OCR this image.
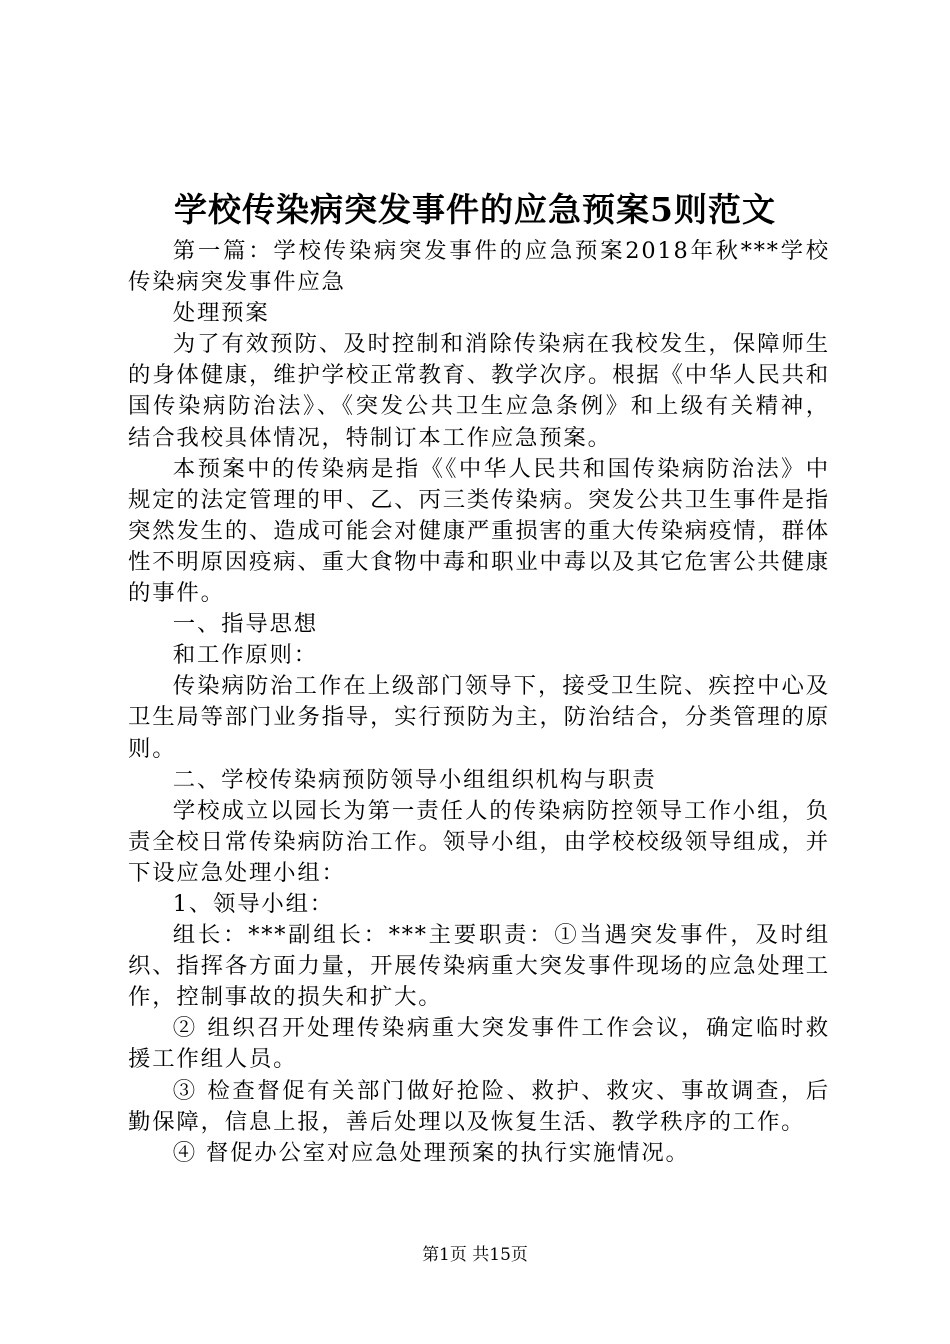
学校传染病突发事件的应急预案5则范文

第一篇：学校传染病突发事件的应急预案2018年秋***学校传染病突发事件应急

处理预案

为了有效预防、及时控制和消除传染病在我校发生，保障师生的身体健康，维护学校正常教育、教学次序。根据《中华人民共和国传染病防治法》、《突发公共卫生应急条例》和上级有关精神，结合我校具体情况，特制订本工作应急预案。

本预案中的传染病是指《《中华人民共和国传染病防治法》中规定的法定管理的甲、乙、丙三类传染病。突发公共卫生事件是指突然发生的、造成可能会对健康严重损害的重大传染病疫情，群体性不明原因疫病、重大食物中毒和职业中毒以及其它危害公共健康的事件。

一、指导思想

和工作原则：

传染病防治工作在上级部门领导下，接受卫生院、疾控中心及卫生局等部门业务指导，实行预防为主，防治结合，分类管理的原则。

二、学校传染病预防领导小组组织机构与职责

学校成立以园长为第一责任人的传染病防控领导工作小组，负责全校日常传染病防治工作。领导小组，由学校校级领导组成，并下设应急处理小组：

1、领导小组：

组长：***副组长：***主要职责：①当遇突发事件，及时组织、指挥各方面力量，开展传染病重大突发事件现场的应急处理工作，控制事故的损失和扩大。

② 组织召开处理传染病重大突发事件工作会议，确定临时救援工作组人员。

③ 检查督促有关部门做好抢险、救护、救灾、事故调查，后勤保障，信息上报，善后处理以及恢复生活、教学秩序的工作。

④ 督促办公室对应急处理预案的执行实施情况。

第1页 共15页
